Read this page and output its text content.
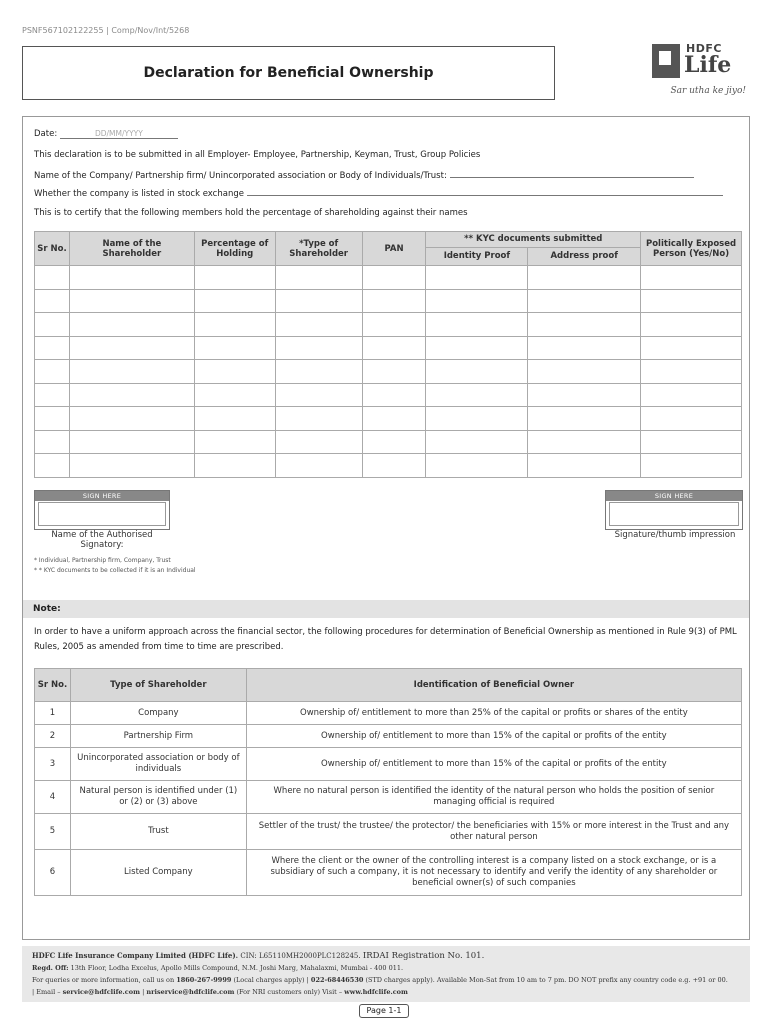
PSNF567102122255 | Comp/Nov/Int/5268
Declaration for Beneficial Ownership
HDFC
Life
Sar utha ke jiyo!
Date:	DD/MM/YYYY
This declaration is to be submitted in all Employer- Employee, Partnership, Keyman, Trust, Group Policies
Name of the Company/ Partnership firm/ Unincorporated association or Body of Individuals/Trust:
Whether the company is listed in stock exchange
This is to certify that the following members hold the percentage of shareholding against their names
Sr No.	Name of the Shareholder	Percentage of Holding	*Type of Shareholder	PAN	** KYC documents submitted		Politically Exposed Person (Yes/No)
					Identity Proof	Address proof	

SIGN HERE
Name of the Authorised Signatory:
SIGN HERE
Signature/thumb impression
* Individual, Partnership firm, Company, Trust
* * KYC documents to be collected if it is an Individual
Note:
In order to have a uniform approach across the financial sector, the following procedures for determination of Beneficial Ownership as mentioned in Rule 9(3) of PML Rules, 2005 as amended from time to time are prescribed.
Sr No.	Type of Shareholder	Identification of Beneficial Owner
1	Company	Ownership of/ entitlement to more than 25% of the capital or profits or shares of the entity
2	Partnership Firm	Ownership of/ entitlement to more than 15% of the capital or profits of the entity
3	Unincorporated association or body of individuals	Ownership of/ entitlement to more than 15% of the capital or profits of the entity
4	Natural person is identified under (1) or (2) or (3) above	Where no natural person is identified the identity of the natural person who holds the position of senior managing official is required
5	Trust	Settler of the trust/ the trustee/ the protector/ the beneficiaries with 15% or more interest in the Trust and any other natural person
6	Listed Company	Where the client or the owner of the controlling interest is a company listed on a stock exchange, or is a subsidiary of such a company, it is not necessary to identify and verify the identity of any shareholder or beneficial owner(s) of such companies
HDFC Life Insurance Company Limited (HDFC Life). CIN: L65110MH2000PLC128245. IRDAI Registration No. 101.
Regd. Off: 13th Floor, Lodha Excelus, Apollo Mills Compound, N.M. Joshi Marg, Mahalaxmi, Mumbai - 400 011.
For queries or more information, call us on 1860-267-9999 (Local charges apply) | 022-68446530 (STD charges apply). Available Mon-Sat from 10 am to 7 pm. DO NOT prefix any country code e.g. +91 or 00.
| Email – service@hdfclife.com | nriservice@hdfclife.com (For NRI customers only) Visit – www.hdfclife.com
Page 1-1
